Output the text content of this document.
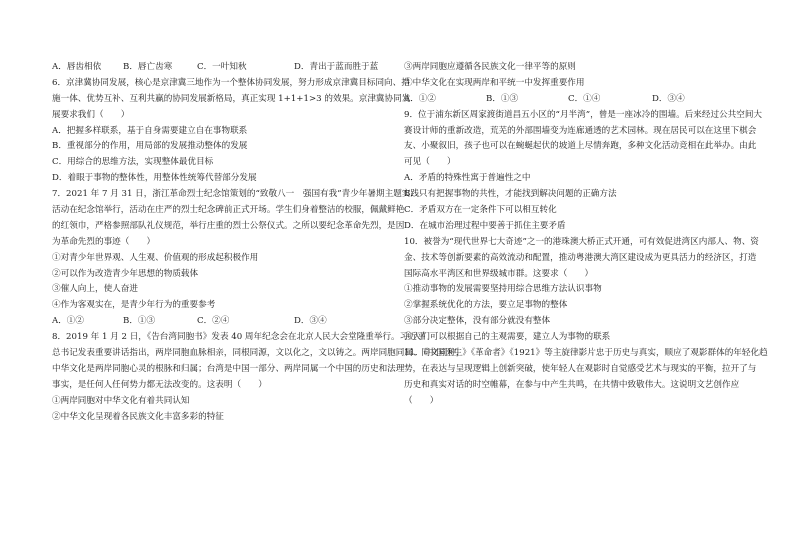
A．唇齿相依	B．唇亡齿寒	C．一叶知秋	D．青出于蓝而胜于蓝
6．京津冀协同发展，核心是京津冀三地作为一个整体协同发展，努力形成京津冀目标同向、措
施一体、优势互补、互利共赢的协同发展新格局，真正实现 1+1+1>3 的效果。京津冀协同发
展要求我们（　　）
A．把握多样联系，基于自身需要建立自在事物联系
B．重视部分的作用，用局部的发展推动整体的发展
C．用综合的思维方法，实现整体最优目标
D．着眼于事物的整体性，用整体性统筹代替部分发展
7．2021 年 7 月 31 日，浙江革命烈士纪念馆策划的“致敬八一　强国有我”青少年暑期主题实践
活动在纪念馆举行，活动在庄严的烈士纪念碑前正式开场。学生们身着整洁的校服，佩戴鲜艳
的红领巾，严格参照部队礼仪规范，举行庄重的烈士公祭仪式。之所以要纪念革命先烈，是因
为革命先烈的事迹（　　）
①对青少年世界观、人生观、价值观的形成起积极作用
②可以作为改造青少年思想的物质载体
③催人向上，使人奋进
④作为客观实在，是青少年行为的重要参考
A．①②	B．①③	C．②④	D．③④
8．2019 年 1 月 2 日，《告台湾同胞书》发表 40 周年纪念会在北京人民大会堂隆重举行。习近平
总书记发表重要讲话指出，两岸同胞血脉相亲，同根同源，文以化之，文以铸之。两岸同胞同属、同文同种，
中华文化是两岸同胞心灵的根脉和归属；台湾是中国一部分、两岸同属一个中国的历史和法理
事实，是任何人任何势力都无法改变的。这表明（　　）
①两岸同胞对中华文化有着共同认知
②中华文化呈现着各民族文化丰富多彩的特征
③两岸同胞应遵循各民族文化一律平等的原则
④中华文化在实现两岸和平统一中发挥重要作用
A．①②	B．①③	C．①④	D．③④
9．位于浦东新区周家渡街道昌五小区的“月半湾”，曾是一座冰冷的围墙。后来经过公共空间大
赛设计师的重新改造，荒芜的外部围墙变为连廊通透的艺术园林。现在居民可以在这里下棋会
友、小聚叙旧，孩子也可以在蜿蜒起伏的坡道上尽情奔跑，多种文化活动竞相在此举办。由此
可见（　　）
A．矛盾的特殊性寓于普遍性之中
B．只有把握事物的共性，才能找到解决问题的正确方法
C．矛盾双方在一定条件下可以相互转化
D．在城市治理过程中要善于抓住主要矛盾
10．被誉为“现代世界七大奇迹”之一的港珠澳大桥正式开通，可有效促进湾区内部人、物、资
金、技术等创新要素的高效流动和配置，推动粤港澳大湾区建设成为更具活力的经济区，打造
国际高水平湾区和世界级城市群。这要求（　　）
①推动事物的发展需要坚持用综合思维方法认识事物
②掌握系统优化的方法，要立足事物的整体
③部分决定整体，没有部分就没有整体
④人们可以根据自己的主观需要，建立人为事物的联系
11．《中国医生》《革命者》《1921》等主旋律影片忠于历史与真实，顺应了观影群体的年轻化趋
势，在表达与呈现逻辑上创新突破，使年轻人在观影时自觉感受艺术与现实的平衡，拉开了与
历史和真实对话的时空帷幕，在参与中产生共鸣，在共情中致敬伟大。这说明文艺创作应
（　　）
